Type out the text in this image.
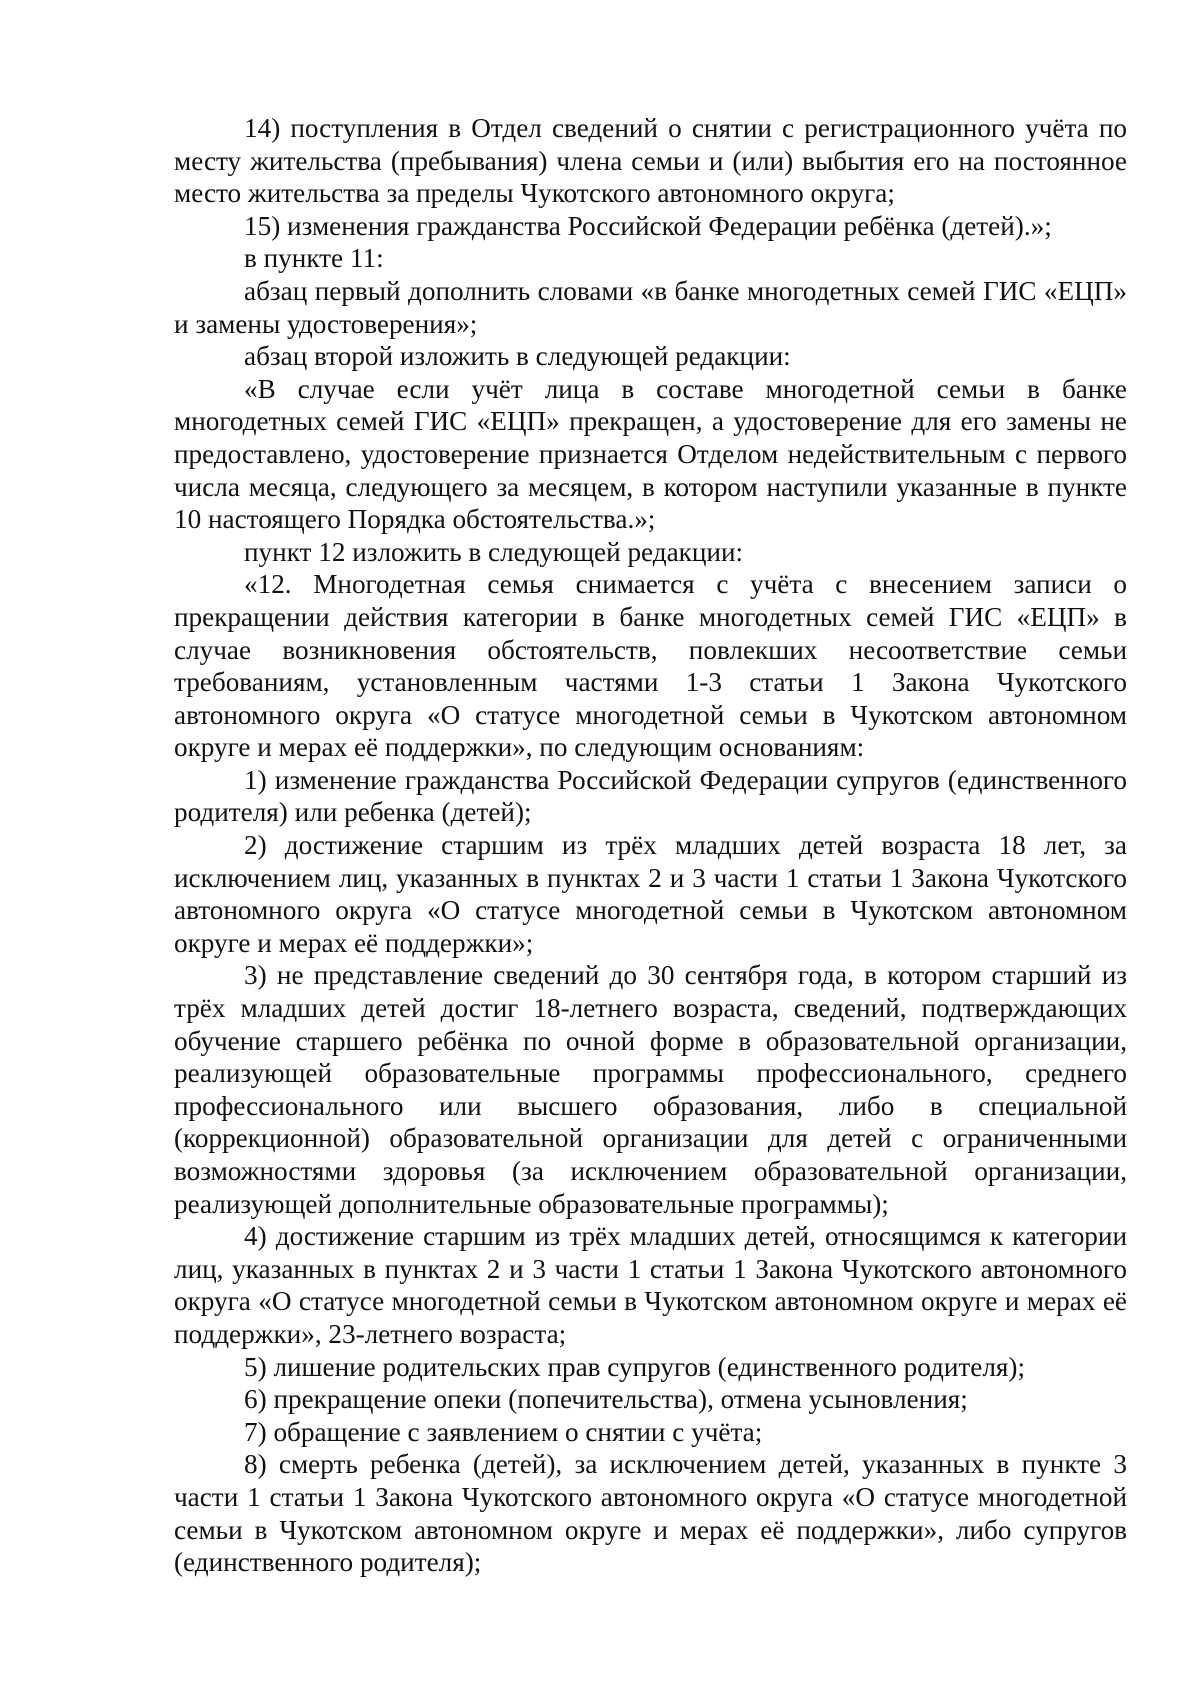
14) поступления в Отдел сведений о снятии с регистрационного учёта по месту жительства (пребывания) члена семьи и (или) выбытия его на постоянное место жительства за пределы Чукотского автономного округа;

15) изменения гражданства Российской Федерации ребёнка (детей).»;

в пункте 11:

абзац первый дополнить словами «в банке многодетных семей ГИС «ЕЦП» и замены удостоверения»;

абзац второй изложить в следующей редакции:

«В случае если учёт лица в составе многодетной семьи в банке многодетных семей ГИС «ЕЦП» прекращен, а удостоверение для его замены не предоставлено, удостоверение признается Отделом недействительным с первого числа месяца, следующего за месяцем, в котором наступили указанные в пункте 10 настоящего Порядка обстоятельства.»;

пункт 12 изложить в следующей редакции:

«12. Многодетная семья снимается с учёта с внесением записи о прекращении действия категории в банке многодетных семей ГИС «ЕЦП» в случае возникновения обстоятельств, повлекших несоответствие семьи требованиям, установленным частями 1-3 статьи 1 Закона Чукотского автономного округа «О статусе многодетной семьи в Чукотском автономном округе и мерах её поддержки», по следующим основаниям:

1) изменение гражданства Российской Федерации супругов (единственного родителя) или ребенка (детей);

2) достижение старшим из трёх младших детей возраста 18 лет, за исключением лиц, указанных в пунктах 2 и 3 части 1 статьи 1 Закона Чукотского автономного округа «О статусе многодетной семьи в Чукотском автономном округе и мерах её поддержки»;

3) не представление сведений до 30 сентября года, в котором старший из трёх младших детей достиг 18-летнего возраста, сведений, подтверждающих обучение старшего ребёнка по очной форме в образовательной организации, реализующей образовательные программы профессионального, среднего профессионального или высшего образования, либо в специальной (коррекционной) образовательной организации для детей с ограниченными возможностями здоровья (за исключением образовательной организации, реализующей дополнительные образовательные программы);

4) достижение старшим из трёх младших детей, относящимся к категории лиц, указанных в пунктах 2 и 3 части 1 статьи 1 Закона Чукотского автономного округа «О статусе многодетной семьи в Чукотском автономном округе и мерах её поддержки», 23-летнего возраста;

5) лишение родительских прав супругов (единственного родителя);

6) прекращение опеки (попечительства), отмена усыновления;

7) обращение с заявлением о снятии с учёта;

8) смерть ребенка (детей), за исключением детей, указанных в пункте 3 части 1 статьи 1 Закона Чукотского автономного округа «О статусе многодетной семьи в Чукотском автономном округе и мерах её поддержки», либо супругов (единственного родителя);
